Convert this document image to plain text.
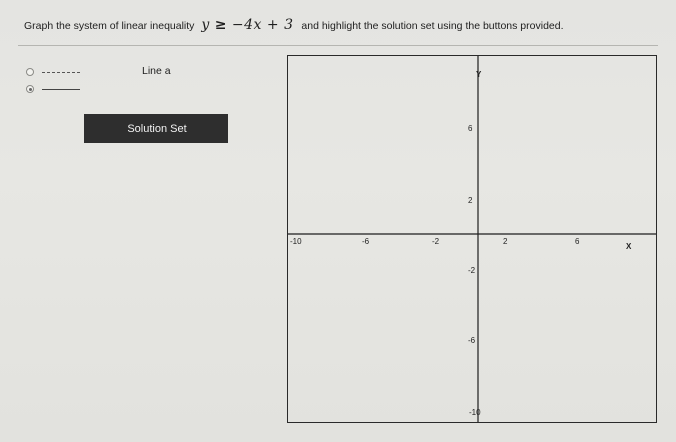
Graph the system of linear inequality y ≥ −4x + 3 and highlight the solution set using the buttons provided.
Line a
Solution Set
Y
X
-10	-6	-2	2	6
6
2
-2
-6
-10
